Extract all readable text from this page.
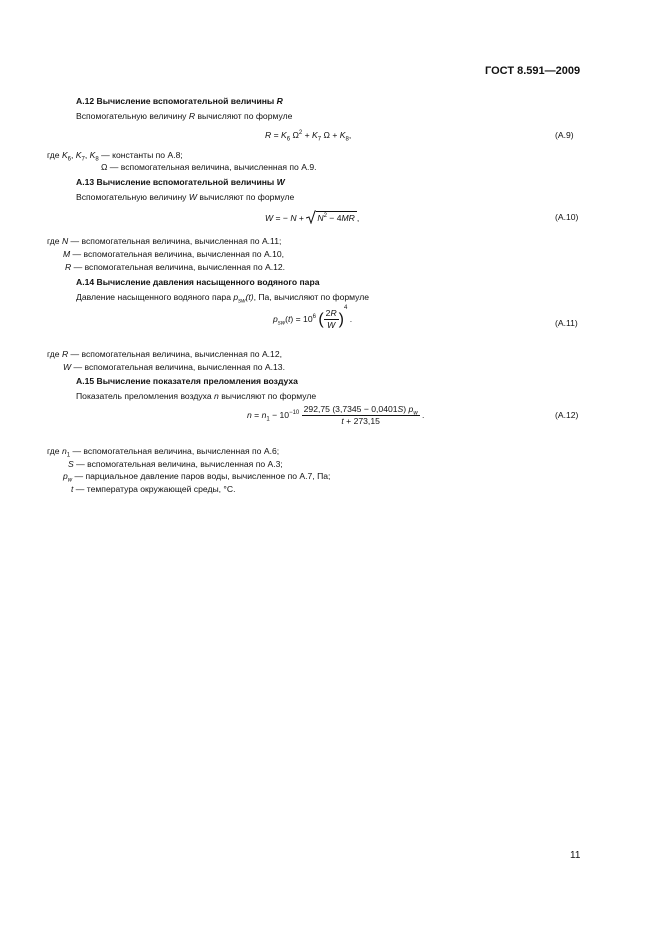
ГОСТ 8.591—2009
А.12 Вычисление вспомогательной величины R
Вспомогательную величину R вычисляют по формуле
$R = K_6$ $\Omega^2 + K_7$ $\Omega + K_8$,	(А.9)
где $K_6$, $K_7$, $K_8$ — константы по А.8;
Ω — вспомогательная величина, вычисленная по А.9.
А.13 Вычисление вспомогательной величины W
Вспомогательную величину W вычисляют по формуле
W = − $N + N^2 - 4MR$ ,	(А.10)
где N — вспомогательная величина, вычисленная по А.11;
M — вспомогательная величина, вычисленная по А.10,
R — вспомогательная величина, вычисленная по А.12.
А.14 Вычисление давления насыщенного водяного пара
Давление насыщенного водяного пара $p_{sw}(t)$, Па, вычисляют по формуле
$p_{sw}(t) = 10^6$ ( $\frac{2R}{W} )^4$ .	(А.11)
где R — вспомогательная величина, вычисленная по А.12,
W — вспомогательная величина, вычисленная по А.13.
А.15 Вычисление показателя преломления воздуха
Показатель преломления воздуха n вычисляют по формуле
$n = n_1 - 10^{-10} \frac{292,75 (3,7345 - 0,0401S) p_w}{t + 273,15}$ .	(А.12)
где $n_1$ — вспомогательная величина, вычисленная по А.6;
S — вспомогательная величина, вычисленная по А.3;
$p_w$ — парциальное давление паров воды, вычисленное по А.7, Па;
t — температура окружающей среды, °С.
11
